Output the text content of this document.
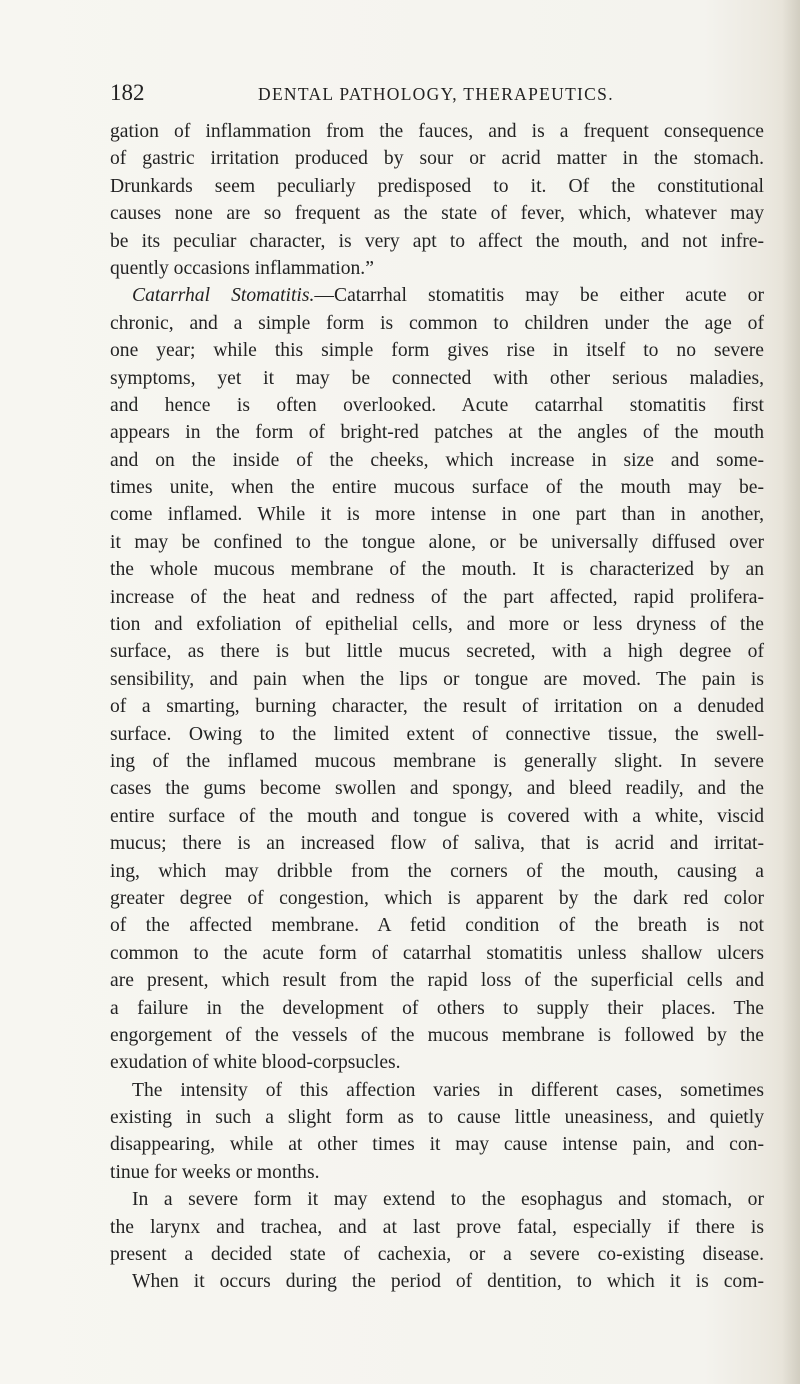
182	DENTAL PATHOLOGY, THERAPEUTICS.
gation of inflammation from the fauces, and is a frequent consequence
of gastric irritation produced by sour or acrid matter in the stomach.
Drunkards seem peculiarly predisposed to it. Of the constitutional
causes none are so frequent as the state of fever, which, whatever may
be its peculiar character, is very apt to affect the mouth, and not infre-
quently occasions inflammation.”
Catarrhal Stomatitis.—Catarrhal stomatitis may be either acute or
chronic, and a simple form is common to children under the age of
one year; while this simple form gives rise in itself to no severe
symptoms, yet it may be connected with other serious maladies,
and hence is often overlooked. Acute catarrhal stomatitis first
appears in the form of bright-red patches at the angles of the mouth
and on the inside of the cheeks, which increase in size and some-
times unite, when the entire mucous surface of the mouth may be-
come inflamed. While it is more intense in one part than in another,
it may be confined to the tongue alone, or be universally diffused over
the whole mucous membrane of the mouth. It is characterized by an
increase of the heat and redness of the part affected, rapid prolifera-
tion and exfoliation of epithelial cells, and more or less dryness of the
surface, as there is but little mucus secreted, with a high degree of
sensibility, and pain when the lips or tongue are moved. The pain is
of a smarting, burning character, the result of irritation on a denuded
surface. Owing to the limited extent of connective tissue, the swell-
ing of the inflamed mucous membrane is generally slight. In severe
cases the gums become swollen and spongy, and bleed readily, and the
entire surface of the mouth and tongue is covered with a white, viscid
mucus; there is an increased flow of saliva, that is acrid and irritat-
ing, which may dribble from the corners of the mouth, causing a
greater degree of congestion, which is apparent by the dark red color
of the affected membrane. A fetid condition of the breath is not
common to the acute form of catarrhal stomatitis unless shallow ulcers
are present, which result from the rapid loss of the superficial cells and
a failure in the development of others to supply their places. The
engorgement of the vessels of the mucous membrane is followed by the
exudation of white blood-corpsucles.
The intensity of this affection varies in different cases, sometimes
existing in such a slight form as to cause little uneasiness, and quietly
disappearing, while at other times it may cause intense pain, and con-
tinue for weeks or months.
In a severe form it may extend to the esophagus and stomach, or
the larynx and trachea, and at last prove fatal, especially if there is
present a decided state of cachexia, or a severe co-existing disease.
When it occurs during the period of dentition, to which it is com-
